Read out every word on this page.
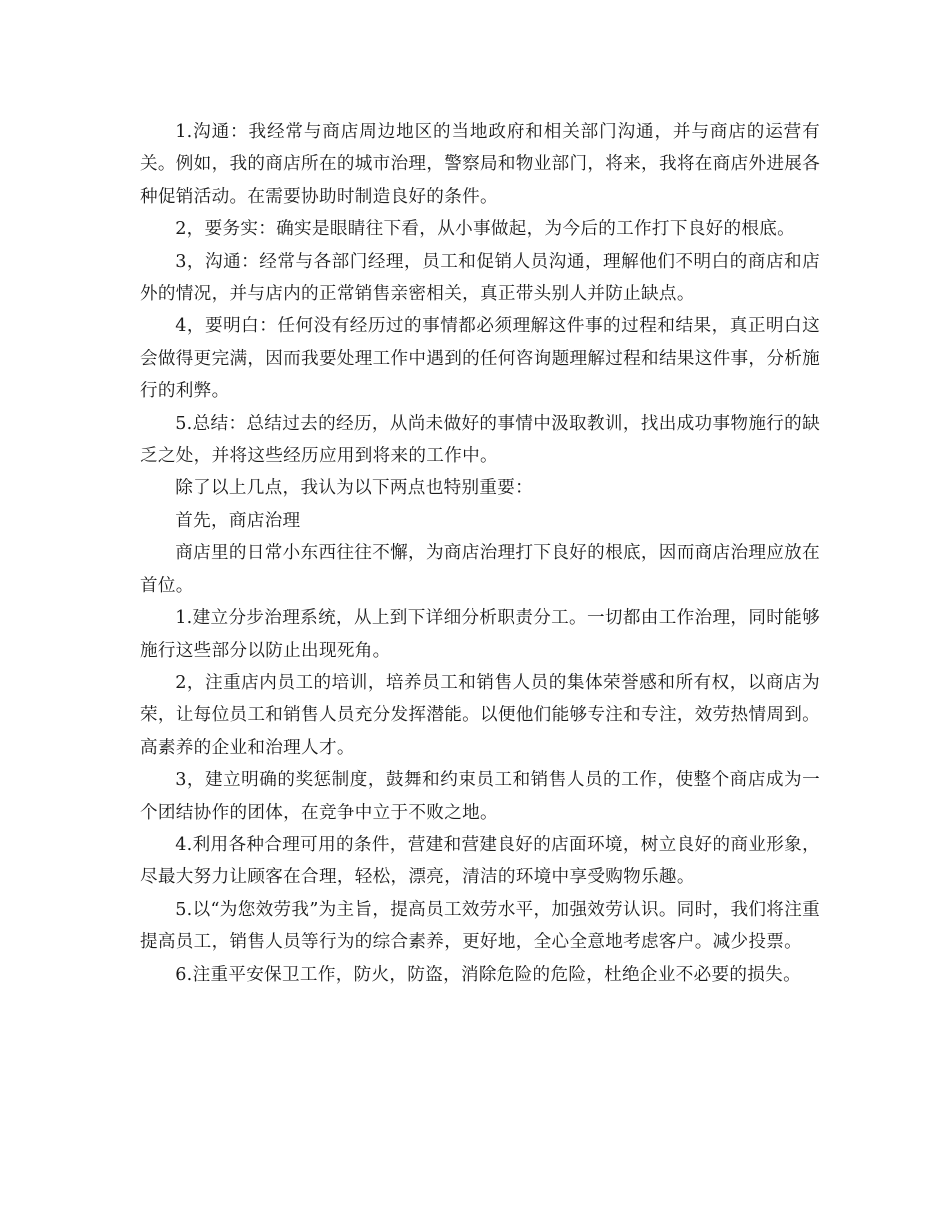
1.沟通：我经常与商店周边地区的当地政府和相关部门沟通，并与商店的运营有关。例如，我的商店所在的城市治理，警察局和物业部门，将来，我将在商店外进展各种促销活动。在需要协助时制造良好的条件。

2，要务实：确实是眼睛往下看，从小事做起，为今后的工作打下良好的根底。

3，沟通：经常与各部门经理，员工和促销人员沟通，理解他们不明白的商店和店外的情况，并与店内的正常销售亲密相关，真正带头别人并防止缺点。

4，要明白：任何没有经历过的事情都必须理解这件事的过程和结果，真正明白这会做得更完满，因而我要处理工作中遇到的任何咨询题理解过程和结果这件事，分析施行的利弊。

5.总结：总结过去的经历，从尚未做好的事情中汲取教训，找出成功事物施行的缺乏之处，并将这些经历应用到将来的工作中。

除了以上几点，我认为以下两点也特别重要：

首先，商店治理

商店里的日常小东西往往不懈，为商店治理打下良好的根底，因而商店治理应放在首位。

1.建立分步治理系统，从上到下详细分析职责分工。一切都由工作治理，同时能够施行这些部分以防止出现死角。

2，注重店内员工的培训，培养员工和销售人员的集体荣誉感和所有权，以商店为荣，让每位员工和销售人员充分发挥潜能。以便他们能够专注和专注，效劳热情周到。高素养的企业和治理人才。

3，建立明确的奖惩制度，鼓舞和约束员工和销售人员的工作，使整个商店成为一个团结协作的团体，在竞争中立于不败之地。

4.利用各种合理可用的条件，营建和营建良好的店面环境，树立良好的商业形象，尽最大努力让顾客在合理，轻松，漂亮，清洁的环境中享受购物乐趣。

5.以“为您效劳我”为主旨，提高员工效劳水平，加强效劳认识。同时，我们将注重提高员工，销售人员等行为的综合素养，更好地，全心全意地考虑客户。减少投票。

6.注重平安保卫工作，防火，防盗，消除危险的危险，杜绝企业不必要的损失。
